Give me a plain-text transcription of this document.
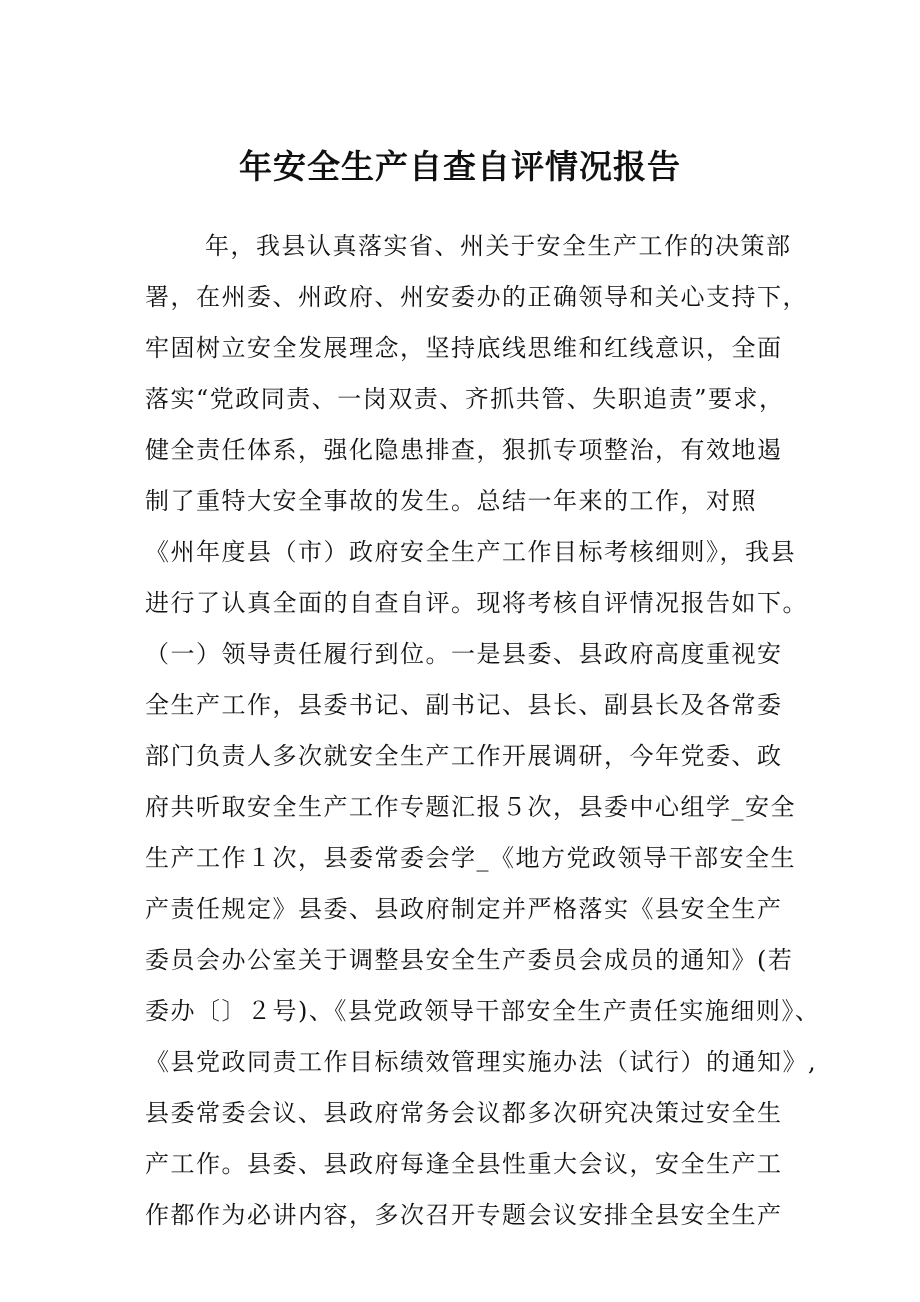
年安全生产自查自评情况报告
年，我县认真落实省、州关于安全生产工作的决策部
署，在州委、州政府、州安委办的正确领导和关心支持下，
牢固树立安全发展理念，坚持底线思维和红线意识，全面
落实“党政同责、一岗双责、齐抓共管、失职追责”要求，
健全责任体系，强化隐患排查，狠抓专项整治，有效地遏
制了重特大安全事故的发生。总结一年来的工作，对照
《州年度县（市）政府安全生产工作目标考核细则》，我县
进行了认真全面的自查自评。现将考核自评情况报告如下。
（一）领导责任履行到位。一是县委、县政府高度重视安
全生产工作，县委书记、副书记、县长、副县长及各常委
部门负责人多次就安全生产工作开展调研，今年党委、政
府共听取安全生产工作专题汇报５次，县委中心组学_安全
生产工作１次，县委常委会学_《地方党政领导干部安全生
产责任规定》县委、县政府制定并严格落实《县安全生产
委员会办公室关于调整县安全生产委员会成员的通知》(若
委办〔〕２号)、《县党政领导干部安全生产责任实施细则》、
《县党政同责工作目标绩效管理实施办法（试行）的通知》,
县委常委会议、县政府常务会议都多次研究决策过安全生
产工作。县委、县政府每逢全县性重大会议，安全生产工
作都作为必讲内容，多次召开专题会议安排全县安全生产
